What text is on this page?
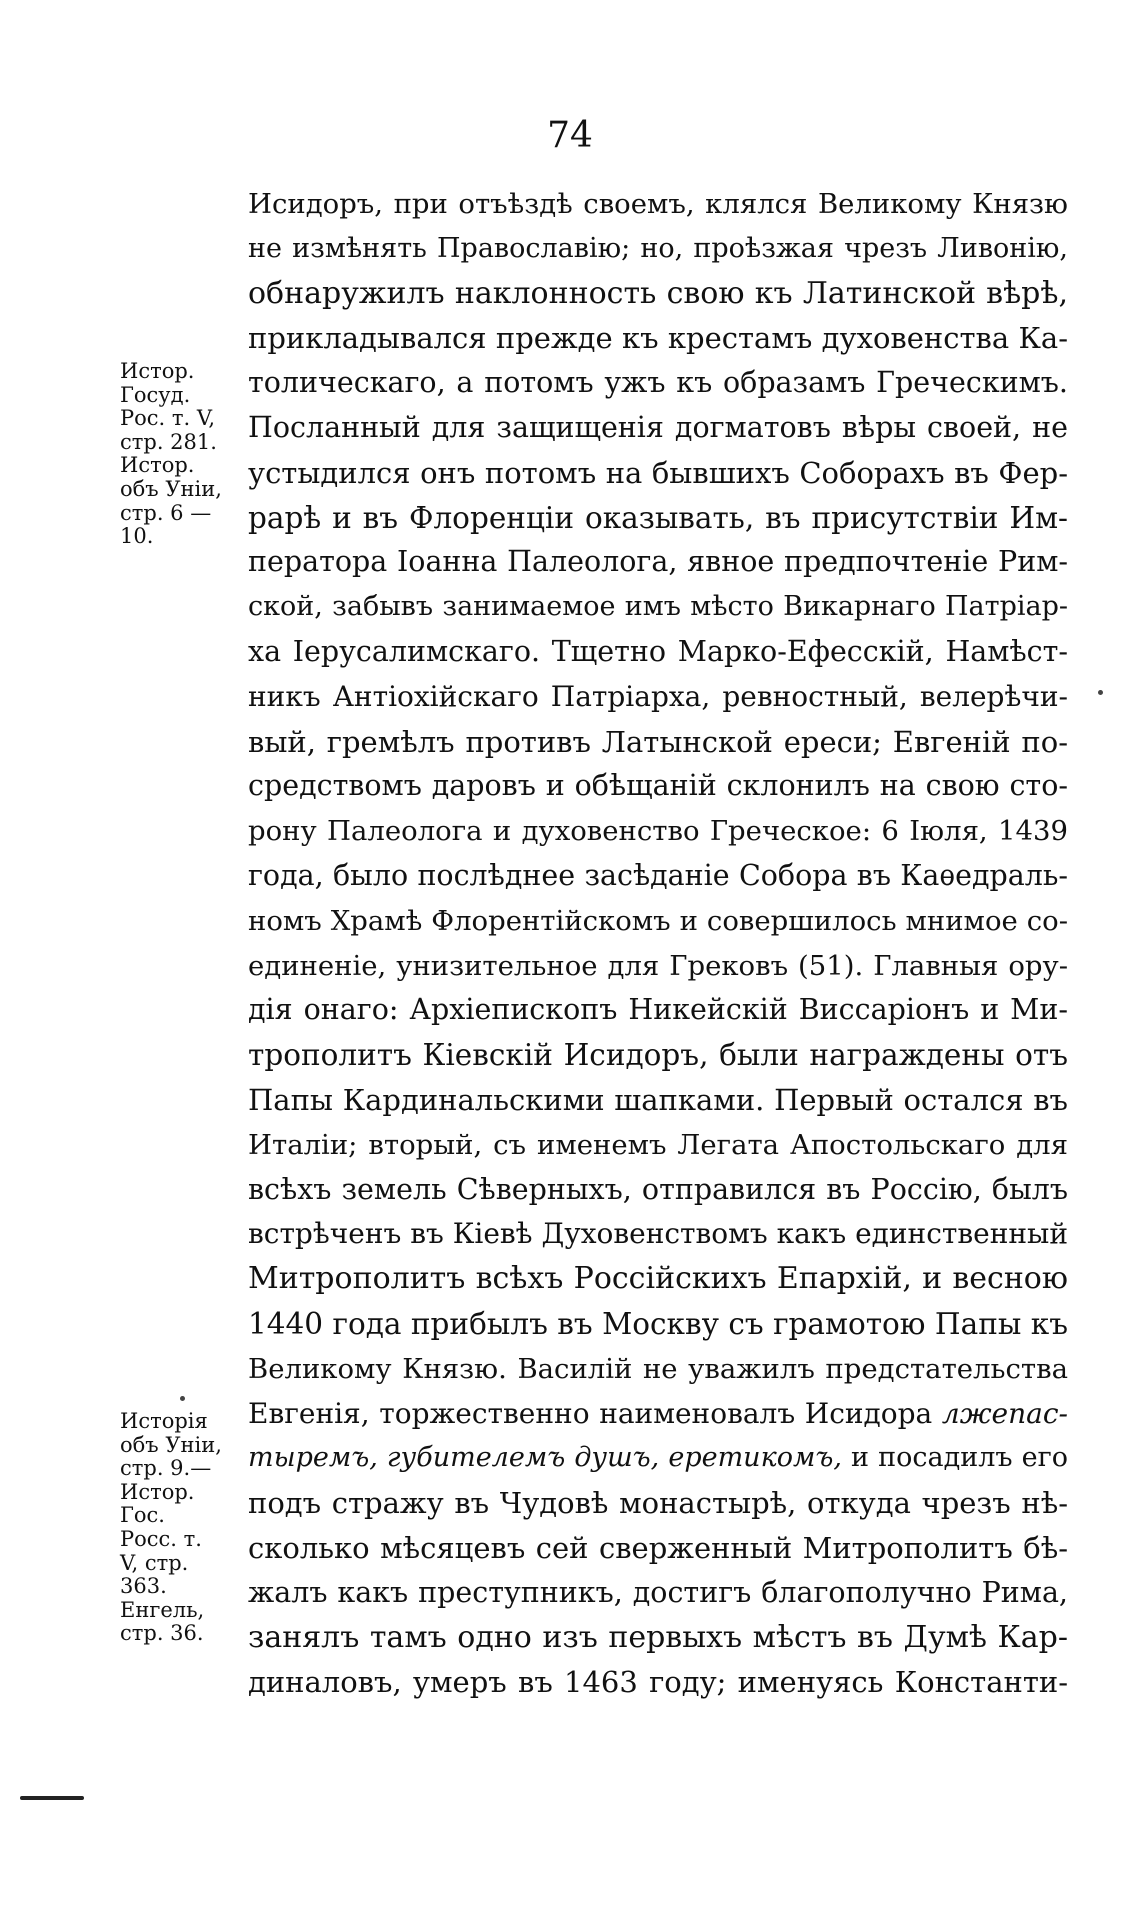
74
Исидоръ, при отъѣздѣ своемъ, клялся Великому Князю
не измѣнять Православію; но, проѣзжая чрезъ Ливонію,
обнаружилъ наклонность свою къ Латинской вѣрѣ,
прикладывался прежде къ крестамъ духовенства Ка-
толическаго, а потомъ ужъ къ образамъ Греческимъ.
Посланный для защищенія догматовъ вѣры своей, не
устыдился онъ потомъ на бывшихъ Соборахъ въ Фер-
рарѣ и въ Флоренціи оказывать, въ присутствіи Им-
ператора Іоанна Палеолога, явное предпочтеніе Рим-
ской, забывъ занимаемое имъ мѣсто Викарнаго Патріар-
ха Іерусалимскаго. Тщетно Марко-Ефесскій, Намѣст-
никъ Антіохійскаго Патріарха, ревностный, велерѣчи-
вый, гремѣлъ противъ Латынской ереси; Евгеній по-
средствомъ даровъ и обѣщаній склонилъ на свою сто-
рону Палеолога и духовенство Греческое: 6 Іюля, 1439
года, было послѣднее засѣданіе Собора въ Каѳедраль-
номъ Храмѣ Флорентійскомъ и совершилось мнимое со-
единеніе, унизительное для Грековъ (51). Главныя ору-
дія онаго: Архіепископъ Никейскій Виссаріонъ и Ми-
трополитъ Кіевскій Исидоръ, были награждены отъ
Папы Кардинальскими шапками. Первый остался въ
Италіи; вторый, съ именемъ Легата Апостольскаго для
всѣхъ земель Сѣверныхъ, отправился въ Россію, былъ
встрѣченъ въ Кіевѣ Духовенствомъ какъ единственный
Митрополитъ всѣхъ Россійскихъ Епархій, и весною
1440 года прибылъ въ Москву съ грамотою Папы къ
Великому Князю. Василій не уважилъ предстательства
Евгенія, торжественно наименовалъ Исидора лжепас-
тыремъ, губителемъ душъ, еретикомъ, и посадилъ его
подъ стражу въ Чудовѣ монастырѣ, откуда чрезъ нѣ-
сколько мѣсяцевъ сей сверженный Митрополитъ бѣ-
жалъ какъ преступникъ, достигъ благополучно Рима,
занялъ тамъ одно изъ первыхъ мѣстъ въ Думѣ Кар-
диналовъ, умеръ въ 1463 году; именуясь Константи-
Истор.
Госуд.
Рос. т. V,
стр. 281.
Истор.
объ Уніи,
стр. 6 —
10.
Исторія
объ Уніи,
стр. 9.—
Истор.
Гос.
Росс. т.
V, стр.
363.
Енгель,
стр. 36.
